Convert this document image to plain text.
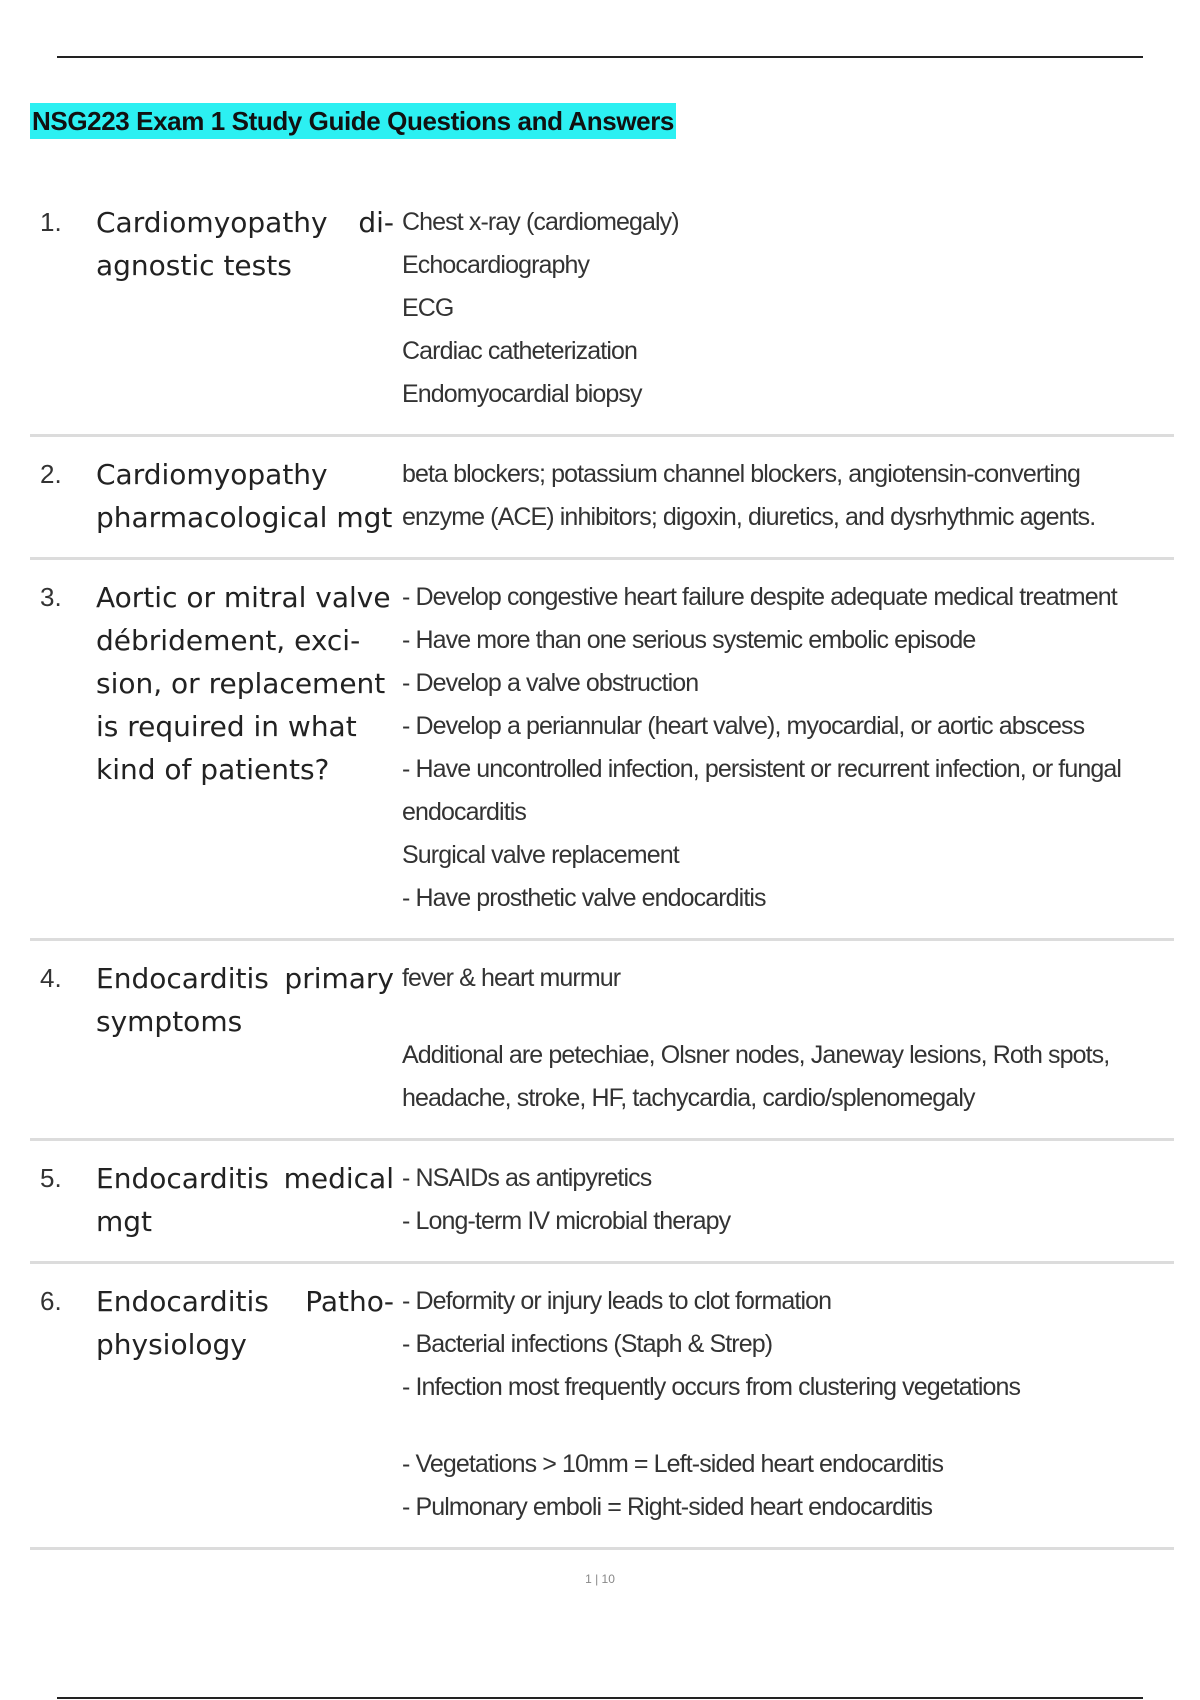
NSG223 Exam 1 Study Guide Questions and Answers
1.	Cardiomyopathy diagnostic tests
Chest x-ray (cardiomegaly)
Echocardiography
ECG
Cardiac catheterization
Endomyocardial biopsy
2.	Cardiomyopathy pharmacological mgt
beta blockers; potassium channel blockers, angiotensin-converting enzyme (ACE) inhibitors; digoxin, diuretics, and dysrhythmic agents.
3.	Aortic or mitral valve débridement, excision, or replacement is required in what kind of patients?
- Develop congestive heart failure despite adequate medical treatment
- Have more than one serious systemic embolic episode
- Develop a valve obstruction
- Develop a periannular (heart valve), myocardial, or aortic abscess
- Have uncontrolled infection, persistent or recurrent infection, or fungal
endocarditis
Surgical valve replacement
- Have prosthetic valve endocarditis
4.	Endocarditis primary symptoms
fever & heart murmur
Additional are petechiae, Olsner nodes, Janeway lesions, Roth spots, headache, stroke, HF, tachycardia, cardio/splenomegaly
5.	Endocarditis medical mgt
- NSAIDs as antipyretics
- Long-term IV microbial therapy
6.	Endocarditis Pathophysiology
- Deformity or injury leads to clot formation
- Bacterial infections (Staph & Strep)
- Infection most frequently occurs from clustering vegetations
- Vegetations > 10mm = Left-sided heart endocarditis
- Pulmonary emboli = Right-sided heart endocarditis
1 | 10
